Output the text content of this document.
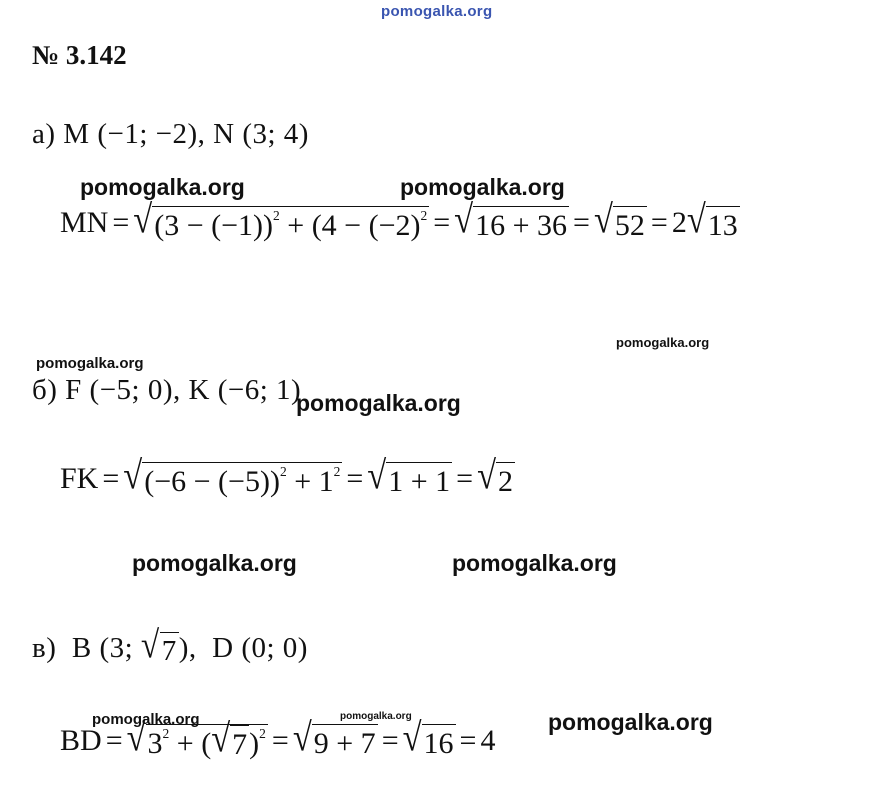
pomogalka.org
pomogalka.org	pomogalka.org
pomogalka.org
pomogalka.org
pomogalka.org
pomogalka.org	pomogalka.org
pomogalka.org	pomogalka.org	pomogalka.org
№ 3.142
а) M (−1; −2), N (3; 4)
MN = √ $(3 - (-1))^2 + (4 - (-2)^2$ = √ 16 + 36 = √ 52 = 2 √ 13
б) F (−5; 0), K (−6; 1)
FK = √ $(-6 - (-5))^2 + 1^2$ = √ 1 + 1 = √ 2
в)  B (3; √ 7 ),  D (0; 0)
BD = √ $3^2$ + ( √ 7 )$^2$ = √ 9 + 7 = √ 16 = 4
